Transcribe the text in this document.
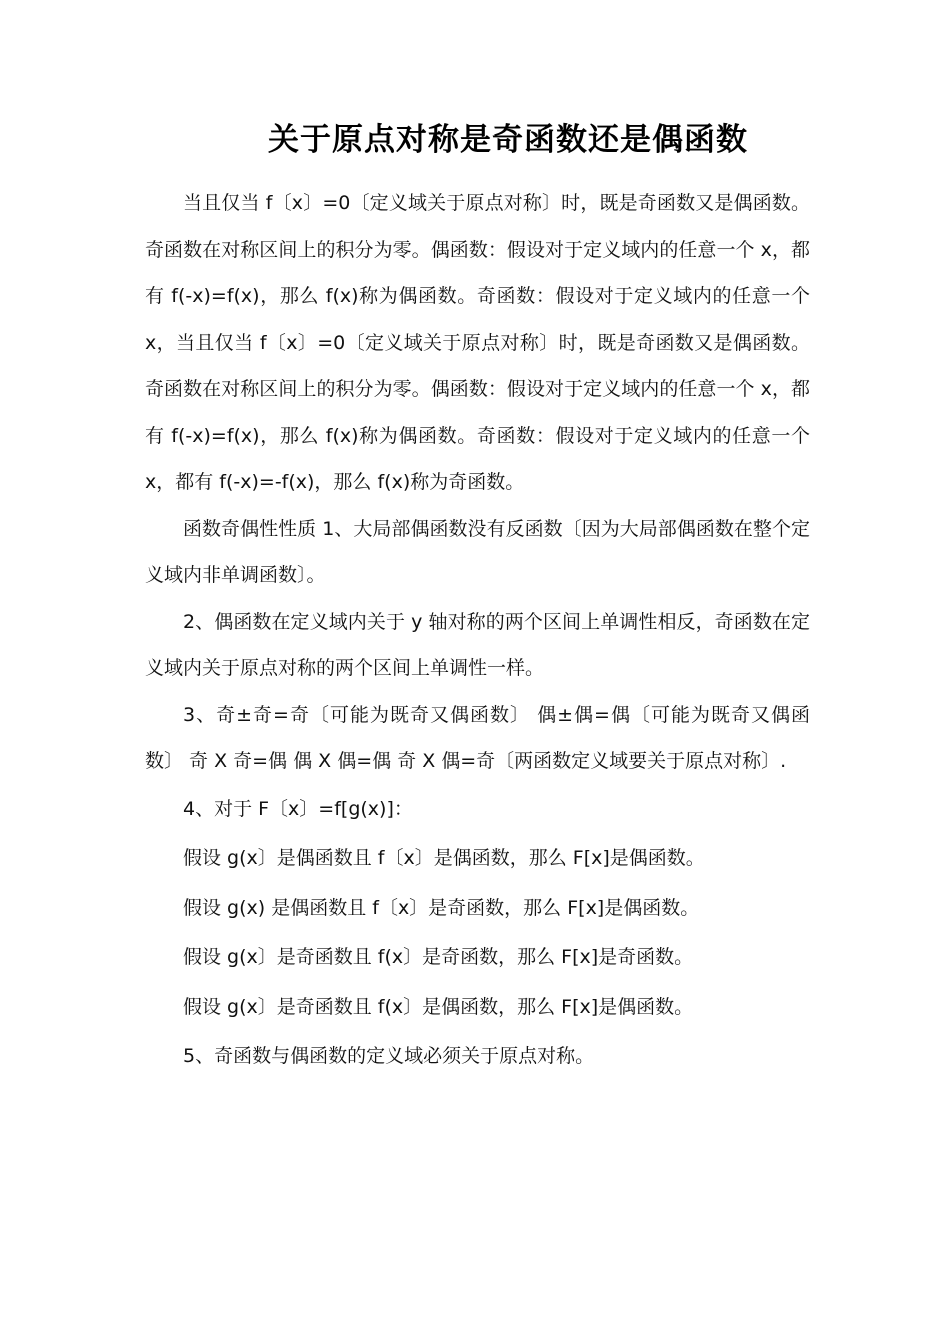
关于原点对称是奇函数还是偶函数

当且仅当 f〔x〕=0〔定义域关于原点对称〕时，既是奇函数又是偶函数。奇函数在对称区间上的积分为零。偶函数：假设对于定义域内的任意一个 x，都有 f(-x)=f(x)，那么 f(x)称为偶函数。奇函数：假设对于定义域内的任意一个 x，当且仅当 f〔x〕=0〔定义域关于原点对称〕时，既是奇函数又是偶函数。奇函数在对称区间上的积分为零。偶函数：假设对于定义域内的任意一个 x，都有 f(-x)=f(x)，那么 f(x)称为偶函数。奇函数：假设对于定义域内的任意一个 x，都有 f(-x)=-f(x)，那么 f(x)称为奇函数。

函数奇偶性性质 1、大局部偶函数没有反函数〔因为大局部偶函数在整个定义域内非单调函数〕。

2、偶函数在定义域内关于 y 轴对称的两个区间上单调性相反，奇函数在定义域内关于原点对称的两个区间上单调性一样。

3、奇±奇=奇〔可能为既奇又偶函数〕 偶±偶=偶〔可能为既奇又偶函数〕 奇 X 奇=偶 偶 X 偶=偶 奇 X 偶=奇〔两函数定义域要关于原点对称〕.

4、对于 F〔x〕=f[g(x)]：

假设 g(x〕是偶函数且 f〔x〕是偶函数，那么 F[x]是偶函数。

假设 g(x) 是偶函数且 f〔x〕是奇函数，那么 F[x]是偶函数。

假设 g(x〕是奇函数且 f(x〕是奇函数，那么 F[x]是奇函数。

假设 g(x〕是奇函数且 f(x〕是偶函数，那么 F[x]是偶函数。

5、奇函数与偶函数的定义域必须关于原点对称。
